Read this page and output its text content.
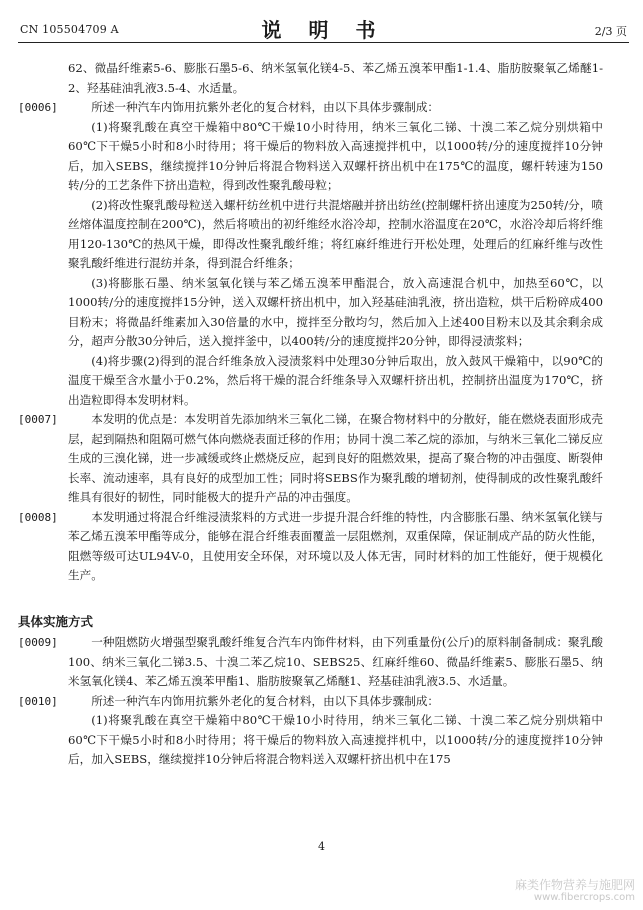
CN 105504709 A	说 明 书	2/3 页

62、微晶纤维素5-6、膨胀石墨5-6、纳米氢氧化镁4-5、苯乙烯五溴苯甲酯1-1.4、脂肪胺聚氧乙烯醚1-2、羟基硅油乳液3.5-4、水适量。

[0006]	所述一种汽车内饰用抗紫外老化的复合材料，由以下具体步骤制成：

(1)将聚乳酸在真空干燥箱中80℃干燥10小时待用，纳米三氧化二锑、十溴二苯乙烷分别烘箱中60℃下干燥5小时和8小时待用；将干燥后的物料放入高速搅拌机中，以1000转/分的速度搅拌10分钟后，加入SEBS，继续搅拌10分钟后将混合物料送入双螺杆挤出机中在175℃的温度，螺杆转速为150转/分的工艺条件下挤出造粒，得到改性聚乳酸母粒；

(2)将改性聚乳酸母粒送入螺杆纺丝机中进行共混熔融并挤出纺丝(控制螺杆挤出速度为250转/分，喷丝熔体温度控制在200℃)，然后将喷出的初纤维经水浴冷却，控制水浴温度在20℃，水浴冷却后将纤维用120-130℃的热风干燥，即得改性聚乳酸纤维；将红麻纤维进行开松处理，处理后的红麻纤维与改性聚乳酸纤维进行混纺并条，得到混合纤维条；

(3)将膨胀石墨、纳米氢氧化镁与苯乙烯五溴苯甲酯混合，放入高速混合机中，加热至60℃，以1000转/分的速度搅拌15分钟，送入双螺杆挤出机中，加入羟基硅油乳液，挤出造粒，烘干后粉碎成400目粉末；将微晶纤维素加入30倍量的水中，搅拌至分散均匀，然后加入上述400目粉末以及其余剩余成分，超声分散30分钟后，送入搅拌釜中，以400转/分的速度搅拌20分钟，即得浸渍浆料；

(4)将步骤(2)得到的混合纤维条放入浸渍浆料中处理30分钟后取出，放入鼓风干燥箱中，以90℃的温度干燥至含水量小于0.2%，然后将干燥的混合纤维条导入双螺杆挤出机，控制挤出温度为170℃，挤出造粒即得本发明材料。

[0007]	本发明的优点是：本发明首先添加纳米三氧化二锑，在聚合物材料中的分散好，能在燃烧表面形成壳层，起到隔热和阻隔可燃气体向燃烧表面迁移的作用；协同十溴二苯乙烷的添加，与纳米三氧化二锑反应生成的三溴化锑，进一步减缓或终止燃烧反应，起到良好的阻燃效果，提高了聚合物的冲击强度、断裂伸长率、流动速率，具有良好的成型加工性；同时将SEBS作为聚乳酸的增韧剂，使得制成的改性聚乳酸纤维具有很好的韧性，同时能极大的提升产品的冲击强度。

[0008]	本发明通过将混合纤维浸渍浆料的方式进一步提升混合纤维的特性，内含膨胀石墨、纳米氢氧化镁与苯乙烯五溴苯甲酯等成分，能够在混合纤维表面覆盖一层阻燃剂，双重保障，保证制成产品的防火性能，阻燃等级可达UL94V-0，且使用安全环保，对环境以及人体无害，同时材料的加工性能好，便于规模化生产。

具体实施方式
[0009]	一种阻燃防火增强型聚乳酸纤维复合汽车内饰件材料，由下列重量份(公斤)的原料制备制成：聚乳酸100、纳米三氧化二锑3.5、十溴二苯乙烷10、SEBS25、红麻纤维60、微晶纤维素5、膨胀石墨5、纳米氢氧化镁4、苯乙烯五溴苯甲酯1、脂肪胺聚氧乙烯醚1、羟基硅油乳液3.5、水适量。

[0010]	所述一种汽车内饰用抗紫外老化的复合材料，由以下具体步骤制成：

(1)将聚乳酸在真空干燥箱中80℃干燥10小时待用，纳米三氧化二锑、十溴二苯乙烷分别烘箱中60℃下干燥5小时和8小时待用；将干燥后的物料放入高速搅拌机中，以1000转/分的速度搅拌10分钟后，加入SEBS，继续搅拌10分钟后将混合物料送入双螺杆挤出机中在175

4
麻类作物营养与施肥网
www.fibercrops.com
